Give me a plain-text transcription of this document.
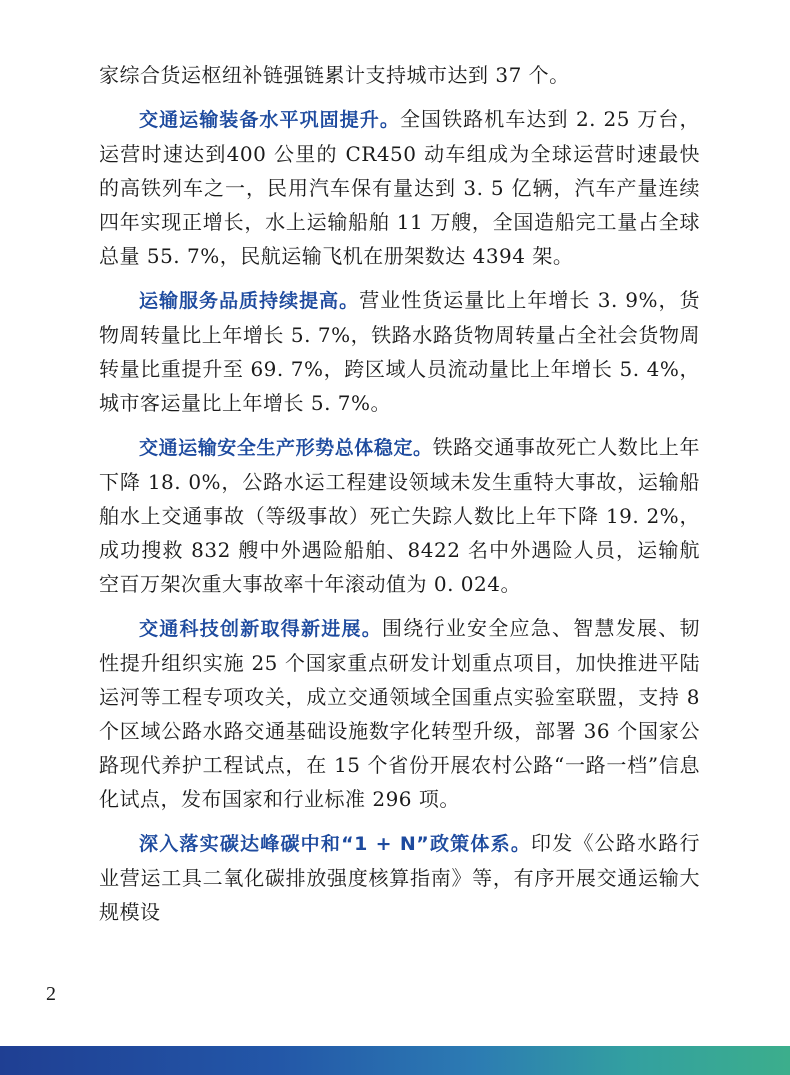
家综合货运枢纽补链强链累计支持城市达到 37 个。

交通运输装备水平巩固提升。全国铁路机车达到 2. 25 万台，运营时速达到400 公里的 CR450 动车组成为全球运营时速最快的高铁列车之一，民用汽车保有量达到 3. 5 亿辆，汽车产量连续四年实现正增长，水上运输船舶 11 万艘，全国造船完工量占全球总量 55. 7%，民航运输飞机在册架数达 4394 架。

运输服务品质持续提高。营业性货运量比上年增长 3. 9%，货物周转量比上年增长 5. 7%，铁路水路货物周转量占全社会货物周转量比重提升至 69. 7%，跨区域人员流动量比上年增长 5. 4%，城市客运量比上年增长 5. 7%。

交通运输安全生产形势总体稳定。铁路交通事故死亡人数比上年下降 18. 0%，公路水运工程建设领域未发生重特大事故，运输船舶水上交通事故（等级事故）死亡失踪人数比上年下降 19. 2%，成功搜救 832 艘中外遇险船舶、8422 名中外遇险人员，运输航空百万架次重大事故率十年滚动值为 0. 024。

交通科技创新取得新进展。围绕行业安全应急、智慧发展、韧性提升组织实施 25 个国家重点研发计划重点项目，加快推进平陆运河等工程专项攻关，成立交通领域全国重点实验室联盟，支持 8 个区域公路水路交通基础设施数字化转型升级，部署 36 个国家公路现代养护工程试点，在 15 个省份开展农村公路“一路一档”信息化试点，发布国家和行业标准 296 项。

深入落实碳达峰碳中和“1 + N”政策体系。印发《公路水路行业营运工具二氧化碳排放强度核算指南》等，有序开展交通运输大规模设

2
